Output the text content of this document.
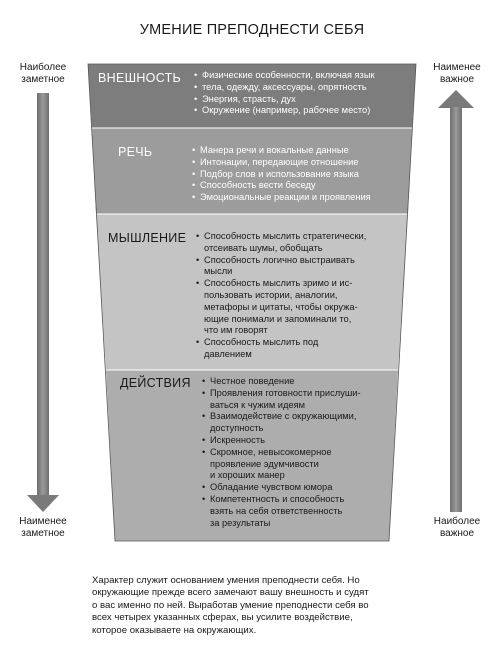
УМЕНИЕ ПРЕПОДНЕСТИ СЕБЯ
Наиболее
заметное
Наименее
заметное
Наименее
важное
Наиболее
важное
ВНЕШНОСТЬ	• Физические особенности, включая язык
• тела, одежду, аксессуары, опрятность
• Энергия, страсть, дух
• Окружение (например, рабочее место)
РЕЧЬ	• Манера речи и вокальные данные
• Интонации, передающие отношение
• Подбор слов и использование языка
• Способность вести беседу
• Эмоциональные реакции и проявления
МЫШЛЕНИЕ • Способность мыслить стратегически,
отсеивать шумы, обобщать
• Способность логично выстраивать
мысли
• Способность мыслить зримо и ис-
пользовать истории, аналогии,
метафоры и цитаты, чтобы окружа-
ющие понимали и запоминали то,
что им говорят
• Способность мыслить под
давлением
ДЕЙСТВИЯ • Честное поведение
• Проявления готовности прислуши-
ваться к чужим идеям
• Взаимодействие с окружающими,
доступность
• Искренность
• Скромное, невысокомерное
проявление эдумчивости
и хороших манер
• Обладание чувством юмора
• Компетентность и способность
взять на себя ответственность
за результаты
Характер служит основанием умения преподнести себя. Но
окружающие прежде всего замечают вашу внешность и судят
о вас именно по ней. Выработав умение преподнести себя во
всех четырех указанных сферах, вы усилите воздействие,
которое оказываете на окружающих.
